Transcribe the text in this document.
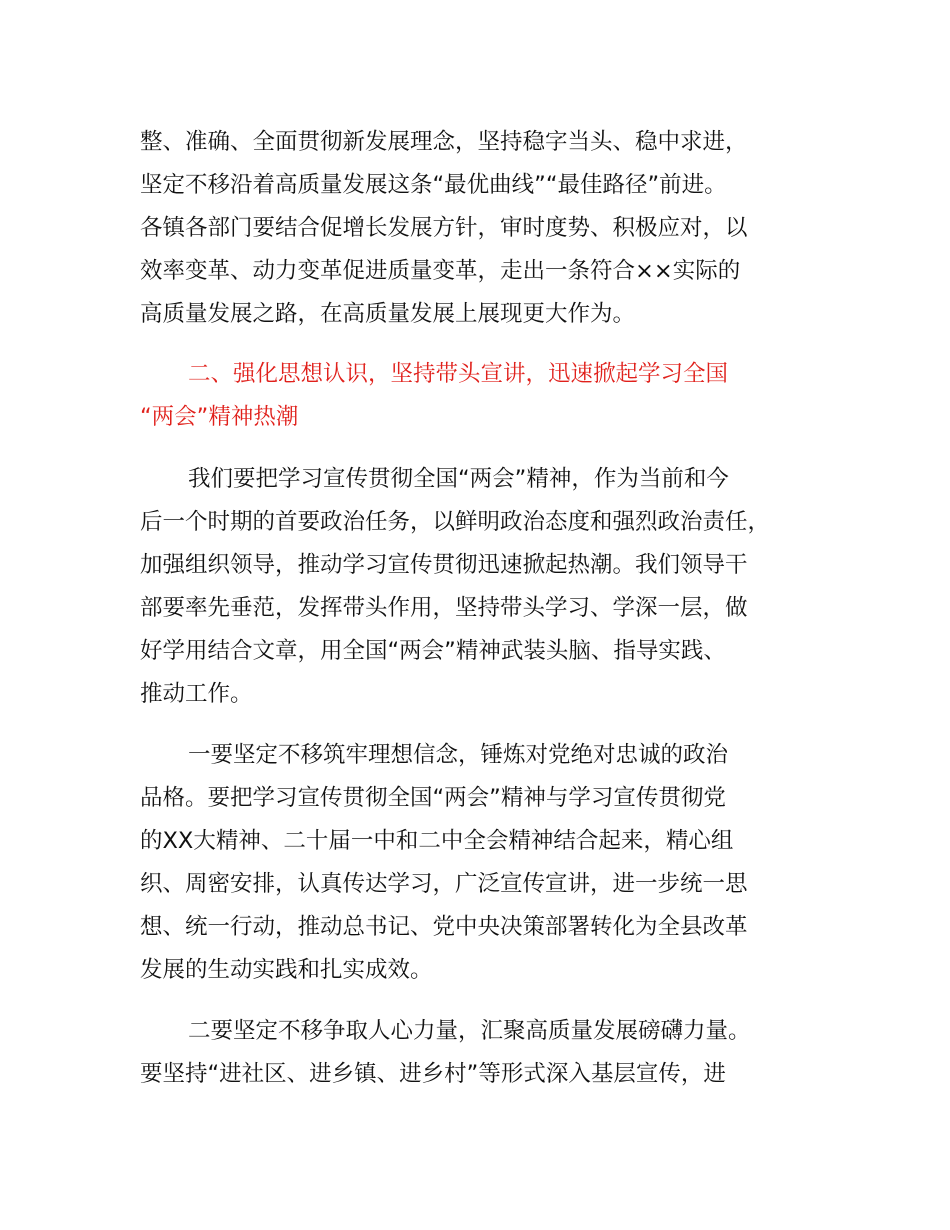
整、准确、全面贯彻新发展理念，坚持稳字当头、稳中求进，
坚定不移沿着高质量发展这条“最优曲线”“最佳路径”前进。
各镇各部门要结合促增长发展方针，审时度势、积极应对，以
效率变革、动力变革促进质量变革，走出一条符合××实际的
高质量发展之路，在高质量发展上展现更大作为。
二、强化思想认识，坚持带头宣讲，迅速掀起学习全国
“两会”精神热潮
我们要把学习宣传贯彻全国“两会”精神，作为当前和今
后一个时期的首要政治任务，以鲜明政治态度和强烈政治责任，
加强组织领导，推动学习宣传贯彻迅速掀起热潮。我们领导干
部要率先垂范，发挥带头作用，坚持带头学习、学深一层，做
好学用结合文章，用全国“两会”精神武装头脑、指导实践、
推动工作。
一要坚定不移筑牢理想信念，锤炼对党绝对忠诚的政治
品格。要把学习宣传贯彻全国“两会”精神与学习宣传贯彻党
的XX大精神、二十届一中和二中全会精神结合起来，精心组
织、周密安排，认真传达学习，广泛宣传宣讲，进一步统一思
想、统一行动，推动总书记、党中央决策部署转化为全县改革
发展的生动实践和扎实成效。
二要坚定不移争取人心力量，汇聚高质量发展磅礴力量。
要坚持“进社区、进乡镇、进乡村”等形式深入基层宣传，进
